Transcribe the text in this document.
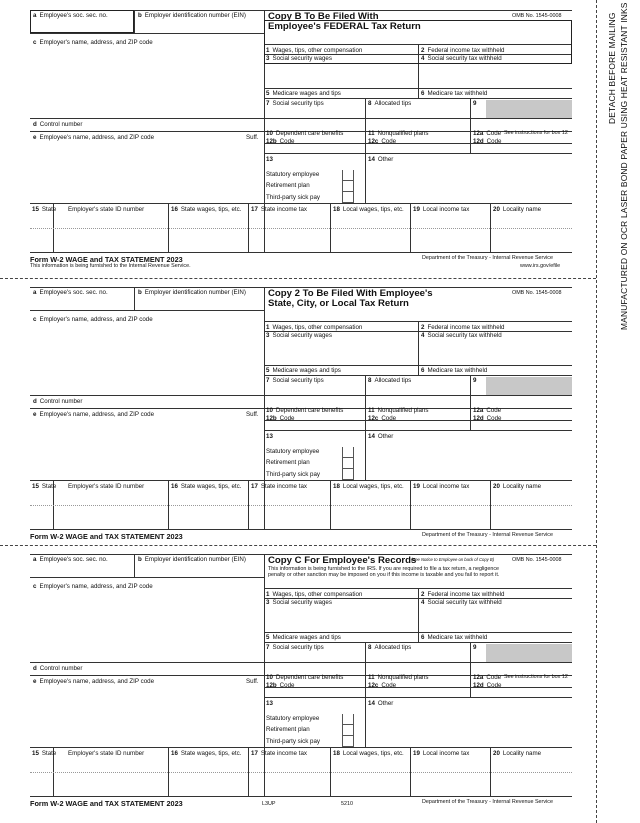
DETACH BEFORE MAILING MANUFACTURED ON OCR LASER BOND PAPER USING HEAT RESISTANT INKS
a Employee's soc. sec. no.	b Employer identification number (EIN)
c Employer's name, address, and ZIP code
d Control number
e Employee's name, address, and ZIP code	Suff.
1 Wages, tips, other compensation	2 Federal income tax withheld
3 Social security wages	4 Social security tax withheld
5 Medicare wages and tips	6 Medicare tax withheld
7 Social security tips	8 Allocated tips	9
10 Dependent care benefits	11 Nonqualified plans	12a Code See instructions for box 12
12b Code	12c Code	12d Code
13	14 Other
Statutory employee
Retirement plan
Third-party sick pay
15 State Employer's state ID number	16 State wages, tips, etc. 17 State income tax	18 Local wages, tips, etc. 19 Local income tax	20 Locality name
Copy B To Be Filed With
Employee's FEDERAL Tax Return
OMB No. 1545-0008
Form W-2 WAGE and TAX STATEMENT 2023
This information is being furnished to the Internal Revenue Service.
Department of the Treasury - Internal Revenue Service
www.irs.gov/efile
a Employee's soc. sec. no.	b Employer identification number (EIN)
c Employer's name, address, and ZIP code
d Control number
e Employee's name, address, and ZIP code	Suff.
1 Wages, tips, other compensation	2 Federal income tax withheld
3 Social security wages	4 Social security tax withheld
5 Medicare wages and tips	6 Medicare tax withheld
7 Social security tips	8 Allocated tips	9
10 Dependent care benefits	11 Nonqualified plans	12a Code
12b Code	12c Code	12d Code
13	14 Other
Statutory employee
Retirement plan
Third-party sick pay
15 State Employer's state ID number	16 State wages, tips, etc. 17 State income tax	18 Local wages, tips, etc. 19 Local income tax	20 Locality name
Copy 2 To Be Filed With Employee's
State, City, or Local Tax Return
OMB No. 1545-0008
Form W-2 WAGE and TAX STATEMENT 2023	Department of the Treasury - Internal Revenue Service
a Employee's soc. sec. no.	b Employer identification number (EIN)
c Employer's name, address, and ZIP code
d Control number
e Employee's name, address, and ZIP code	Suff.
1 Wages, tips, other compensation	2 Federal income tax withheld
3 Social security wages	4 Social security tax withheld
5 Medicare wages and tips	6 Medicare tax withheld
7 Social security tips	8 Allocated tips	9
10 Dependent care benefits	11 Nonqualified plans	12a Code See instructions for box 12
12b Code	12c Code	12d Code
13	14 Other
Statutory employee
Retirement plan
Third-party sick pay
15 State Employer's state ID number	16 State wages, tips, etc. 17 State income tax	18 Local wages, tips, etc. 19 Local income tax	20 Locality name
Copy C For Employee's Records	OMB No. 1545-0008
(See Notice to Employee on back of Copy B)
This information is being furnished to the IRS. If you are required to file a tax return, a negligence
penalty or other sanction may be imposed on you if this income is taxable and you fail to report it.
Form W-2 WAGE and TAX STATEMENT 2023	Department of the Treasury - Internal Revenue Service
L3UP	5210
